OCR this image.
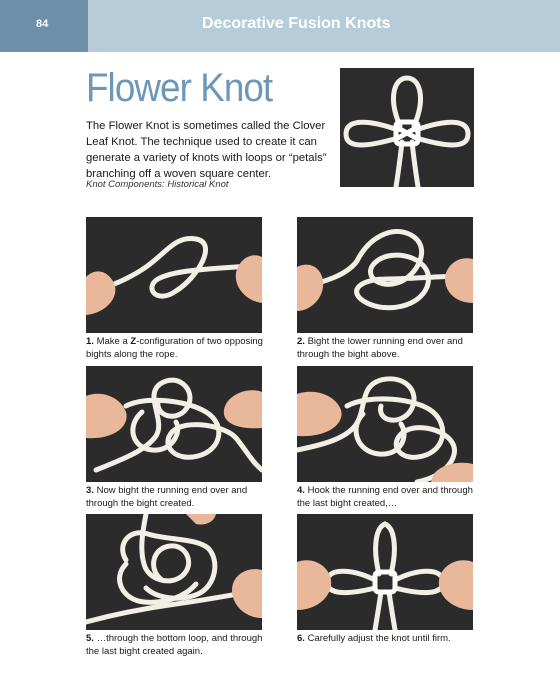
84	Decorative Fusion Knots
Flower Knot

The Flower Knot is sometimes called the Clover Leaf Knot. The technique used to create it can generate a variety of knots with loops or “petals” branching off a woven square center.

Knot Components: Historical Knot

1. Make a Z-configuration of two opposing bights along the rope.

2. Bight the lower running end over and through the bight above.

3. Now bight the running end over and through the bight created.

4. Hook the running end over and through the last bight created,…

5. …through the bottom loop, and through the last bight created again.

6. Carefully adjust the knot until firm.
